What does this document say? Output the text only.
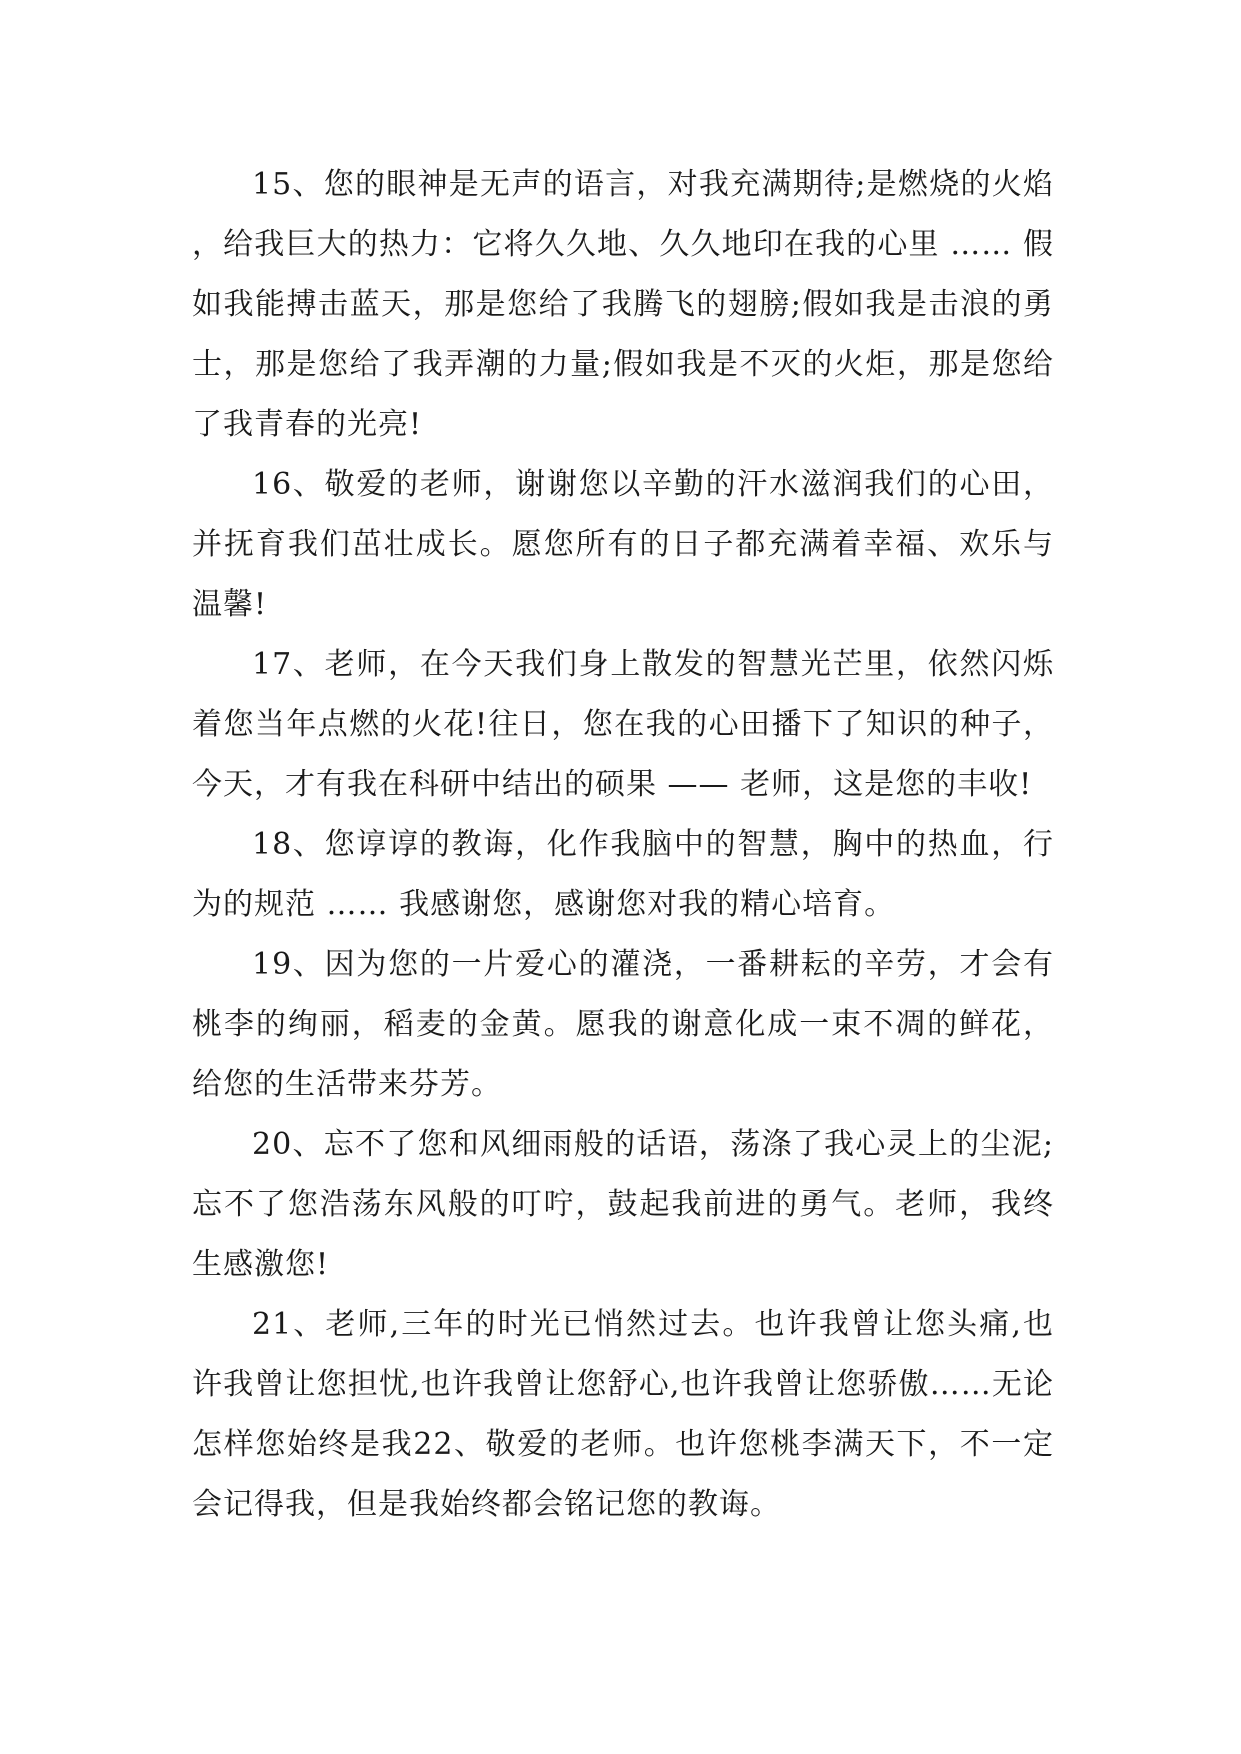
15、您的眼神是无声的语言，对我充满期待;是燃烧的火焰，给我巨大的热力：它将久久地、久久地印在我的心里 …… 假如我能搏击蓝天，那是您给了我腾飞的翅膀;假如我是击浪的勇士，那是您给了我弄潮的力量;假如我是不灭的火炬，那是您给了我青春的光亮!

16、敬爱的老师，谢谢您以辛勤的汗水滋润我们的心田，并抚育我们茁壮成长。愿您所有的日子都充满着幸福、欢乐与温馨!

17、老师，在今天我们身上散发的智慧光芒里，依然闪烁着您当年点燃的火花!往日，您在我的心田播下了知识的种子，今天，才有我在科研中结出的硕果 —— 老师，这是您的丰收!

18、您谆谆的教诲，化作我脑中的智慧，胸中的热血，行为的规范 …… 我感谢您，感谢您对我的精心培育。

19、因为您的一片爱心的灌浇，一番耕耘的辛劳，才会有桃李的绚丽，稻麦的金黄。愿我的谢意化成一束不凋的鲜花，给您的生活带来芬芳。

20、忘不了您和风细雨般的话语，荡涤了我心灵上的尘泥;忘不了您浩荡东风般的叮咛，鼓起我前进的勇气。老师，我终生感激您!

21、老师,三年的时光已悄然过去。也许我曾让您头痛,也许我曾让您担忧,也许我曾让您舒心,也许我曾让您骄傲……无论怎样您始终是我22、敬爱的老师。也许您桃李满天下，不一定会记得我，但是我始终都会铭记您的教诲。
